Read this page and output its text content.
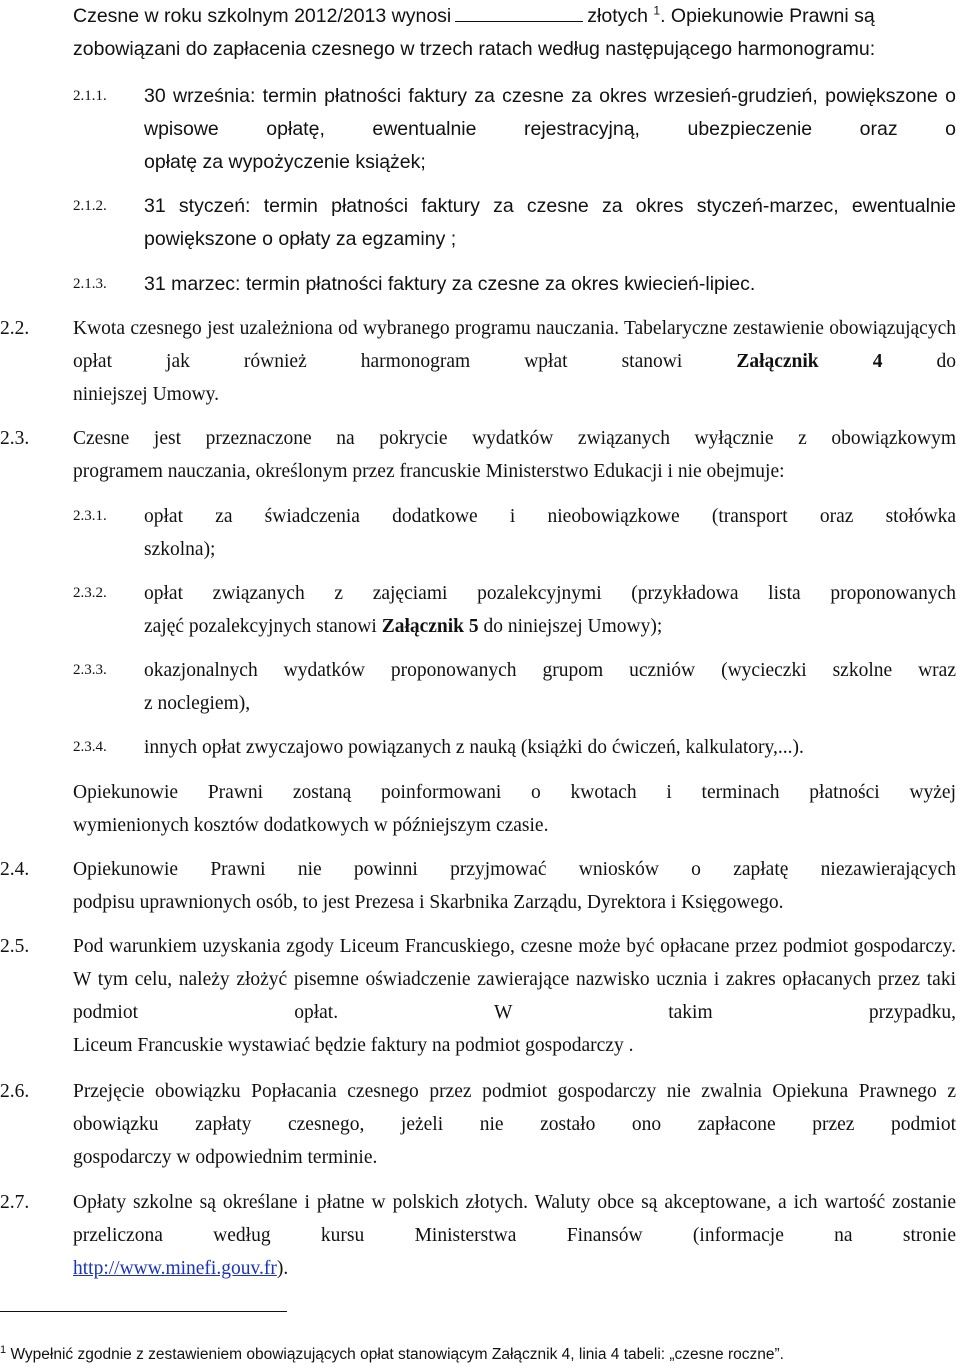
Czesne w roku szkolnym 2012/2013 wynosi	złotych $^1$. Opiekunowie Prawni są
zobowiązani do zapłacenia czesnego w trzech ratach według następującego harmonogramu:
2.1.1. 30 września: termin płatności faktury za czesne za okres wrzesień-grudzień, powiększone o wpisowe opłatę, ewentualnie rejestracyjną, ubezpieczenie oraz o
opłatę za wypożyczenie książek;
2.1.2. 31 styczeń: termin płatności faktury za czesne za okres styczeń-marzec, ewentualnie
powiększone o opłaty za egzaminy ;
2.1.3. 31 marzec: termin płatności faktury za czesne za okres kwiecień-lipiec.
2.2. Kwota czesnego jest uzależniona od wybranego programu nauczania. Tabelaryczne zestawienie obowiązujących opłat jak również harmonogram wpłat stanowi	Załącznik 4	do
niniejszej Umowy.
2.3. Czesne jest przeznaczone na pokrycie wydatków związanych wyłącznie z obowiązkowym
programem nauczania, określonym przez francuskie Ministerstwo Edukacji i nie obejmuje:
2.3.1. opłat za świadczenia dodatkowe i nieobowiązkowe (transport oraz stołówka
szkolna);
2.3.2. opłat związanych z zajęciami pozalekcyjnymi (przykładowa lista proponowanych
zajęć pozalekcyjnych stanowi Załącznik 5 do niniejszej Umowy);
2.3.3. okazjonalnych wydatków proponowanych grupom uczniów (wycieczki szkolne wraz
z noclegiem),
2.3.4. innych opłat zwyczajowo powiązanych z nauką (książki do ćwiczeń, kalkulatory,...).
Opiekunowie Prawni zostaną poinformowani o kwotach i terminach płatności wyżej
wymienionych kosztów dodatkowych w późniejszym czasie.
2.4. Opiekunowie Prawni nie powinni przyjmować wniosków o zapłatę niezawierających
podpisu uprawnionych osób, to jest Prezesa i Skarbnika Zarządu, Dyrektora i Księgowego.
2.5. Pod warunkiem uzyskania zgody Liceum Francuskiego, czesne może być opłacane przez podmiot gospodarczy. W tym celu, należy złożyć pisemne oświadczenie zawierające nazwisko ucznia i zakres opłacanych przez taki podmiot opłat. W takim przypadku,
Liceum Francuskie wystawiać będzie faktury na podmiot gospodarczy .
2.6. Przejęcie obowiązku Popłacania czesnego przez podmiot gospodarczy nie zwalnia Opiekuna Prawnego z obowiązku zapłaty czesnego, jeżeli nie zostało ono zapłacone przez podmiot
gospodarczy w odpowiednim terminie.
2.7. Opłaty szkolne są określane i płatne w polskich złotych. Waluty obce są akceptowane, a ich wartość zostanie przeliczona według kursu Ministerstwa Finansów (informacje na stronie
http://www.minefi.gouv.fr).
$^1$ Wypełnić zgodnie z zestawieniem obowiązujących opłat stanowiącym Załącznik 4, linia 4 tabeli: „czesne roczne”.
